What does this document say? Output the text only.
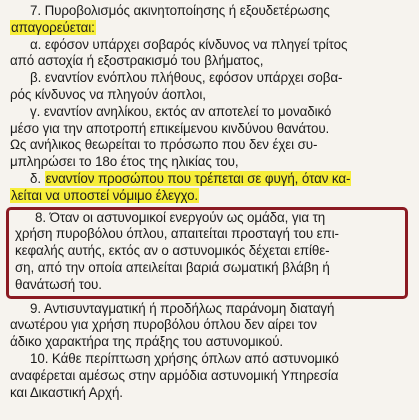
7. Πυροβολισμός ακινητοποίησης ή εξουδετέρωσης
απαγορεύεται:

α. εφόσον υπάρχει σοβαρός κίνδυνος να πληγεί τρίτος
από αστοχία ή εξοστρακισμό του βλήματος,

β. εναντίον ενόπλου πλήθους, εφόσον υπάρχει σοβα-
ρός κίνδυνος να πληγούν άοπλοι,

γ. εναντίον ανηλίκου, εκτός αν αποτελεί το μοναδικό
μέσο για την αποτροπή επικείμενου κινδύνου θανάτου.
Ως ανήλικος θεωρείται το πρόσωπο που δεν έχει συ-
μπληρώσει το 18ο έτος της ηλικίας του,

δ. εναντίον προσώπου που τρέπεται σε φυγή, όταν κα-
λείται να υποστεί νόμιμο έλεγχο.

8. Όταν οι αστυνομικοί ενεργούν ως ομάδα, για τη
χρήση πυροβόλου όπλου, απαιτείται προσταγή του επι-
κεφαλής αυτής, εκτός αν ο αστυνομικός δέχεται επίθε-
ση, από την οποία απειλείται βαριά σωματική βλάβη ή
θανάτωσή του.

9. Αντισυνταγματική ή προδήλως παράνομη διαταγή
ανωτέρου για χρήση πυροβόλου όπλου δεν αίρει τον
άδικο χαρακτήρα της πράξης του αστυνομικού.

10. Κάθε περίπτωση χρήσης όπλων από αστυνομικό
αναφέρεται αμέσως στην αρμόδια αστυνομική Υπηρεσία
και Δικαστική Αρχή.
